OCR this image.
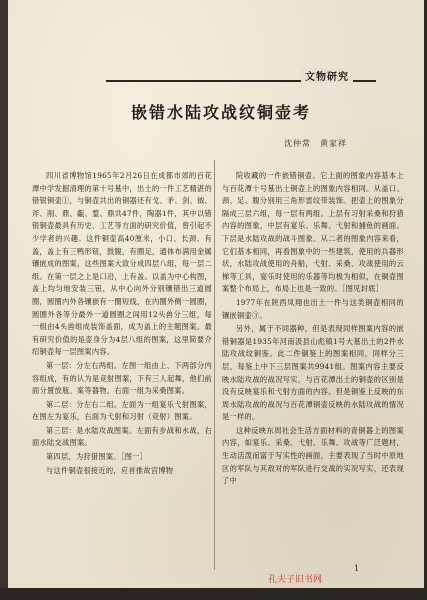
文物研究
嵌错水陆攻战纹铜壶考
沈仲常　黄家祥

四川省博物馆1965年2月26日在成都市郊的百花潭中学发掘清理的第十号墓中，出土的一件工艺精湛的错银铜壶①，与铜壶共出的铜器还有戈、矛、剑、钺、斧、削、鼎、甗、鍪、鼎共47件，陶器1件，其中以错银铜壶最具有历史、工艺等方面的研究价值，曾引起不少学者的兴趣。这件铜壶高40厘米，小口、长颈、有盖，盖上有三鸭形钮，鼓腹，有圈足，通体布满用金属镶嵌成的图案，这些图案大致分成四层八组，每一层二组。在第一层之上是口沿，上有盖。以盖为中心构图，盖上均匀地安装三钮，从中心向外分别镶错出三道圆圈，圆圈内外各镶嵌有一圈短线，在内圈外侧一圆圈，圆圈外各等分最外一道圆圈之间用12头兽分三组，每一组由4头兽组成装饰盖面，成为盖上的主题图案。最有研究价值的是壶身分为4层八组的图案，这里简要介绍铜壶每一层图案内容。

第一层：分左右两组。左图一组由上、下两部分内容组成，有的认为是竞射图案，下有三人起舞，他们前面分置放瓶、案等器物。右面一组为采桑图案。

第二层：分左右二组。左面为一组宴乐弋射图案，在图左为宴乐，右面为弋射和习射（竞射）图案。

第三层：是水陆攻战图案。左面有步战和水战，右面水陆交战图案。

第四层，为狩猎图案。［图一］

与这件铜壶很接近的，应首推故宫博物

院收藏的一件嵌错铜壶。它上面的图象内容基本上与百花潭十号墓出土铜壶上的图象内容相同。从盖口、颈、足、腹分别用三角形雷纹带装饰。把壶上的图象分隔成三层六组，每一层有两组。上层有习射采桑和狩猎内容的图象，中层有宴乐、乐舞、弋射和捕鱼的画面。下层是水陆攻战的战斗图象。从二者的图象内容来看，它们基本相同，再看图象中的一些建筑，使用的兵器形状，水陆攻战使用的舟船，弋射、采桑、攻战使用的云梯等工具，宴乐时使用的乐器等均极为相似，在铜壶图案整个布局上，布局上也是一致的。［图见封底］

1977年在陕西凤翔也出土一件与这类铜壶相同的镶嵌铜壶③。

另外，属于不同器种，但是表现同样图案内容的嵌错铜器是1935年河南汲县山彪镇1号大墓出土的2件水陆攻战纹铜鉴。此二件铜鉴上的图案相同，同样分三层，每鉴上中下三层图案共9941组。图案内容主要反映水陆攻战的战况写实，与百花潭出土的铜壶的区别是没有反映宴乐和弋射方面的内容。但是铜鉴上反映的东周水陆攻战的战况与百花潭铜壶反映的水陆攻战的情况是一样的。

这种反映东周社会生活方面材料的青铜器上的图案内容，如宴乐、采桑、弋射、乐舞、攻战等广泛题材，生动活泼而富于写实性的画面，主要表现了当时中原地区的军队与其敌对的军队进行交战的实况写实，还表现了中

1
孔夫子旧书网
